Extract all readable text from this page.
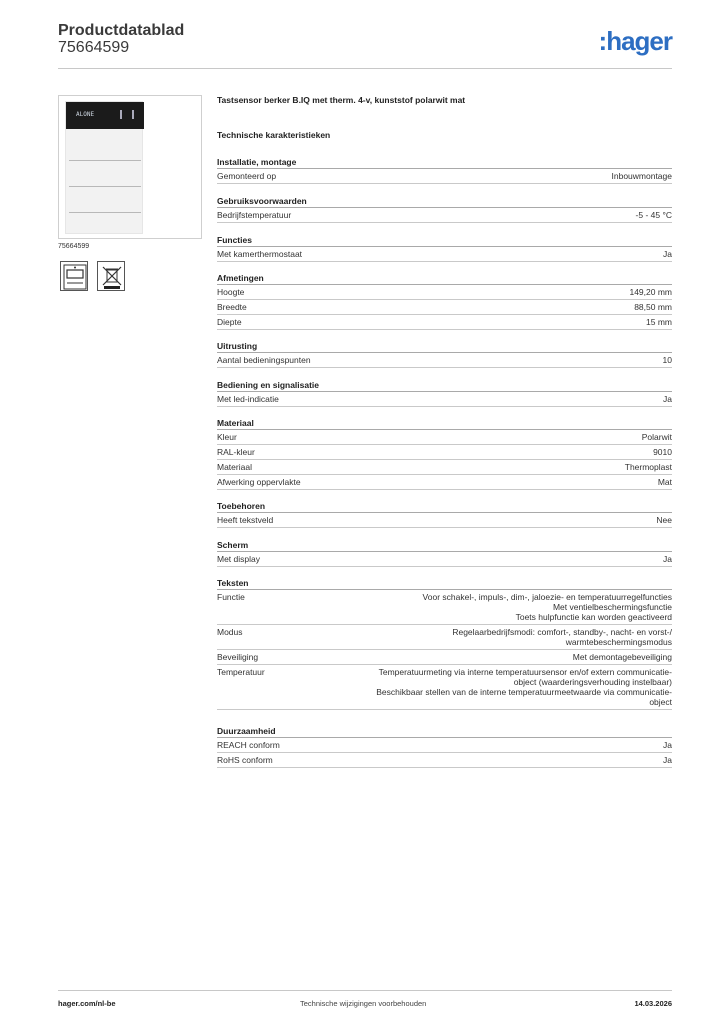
Productdatablad
75664599	:hager
ALONE
75664599
Tastsensor berker B.IQ met therm. 4-v, kunststof polarwit mat
Technische karakteristieken
Installatie, montage
Gemonteerd op	Inbouwmontage
Gebruiksvoorwaarden
Bedrijfstemperatuur	-5 - 45 °C
Functies
Met kamerthermostaat	Ja
Afmetingen
Hoogte	149,20 mm
Breedte	88,50 mm
Diepte	15 mm
Uitrusting
Aantal bedieningspunten	10
Bediening en signalisatie
Met led-indicatie	Ja
Materiaal
Kleur	Polarwit
RAL-kleur	9010
Materiaal	Thermoplast
Afwerking oppervlakte	Mat
Toebehoren
Heeft tekstveld	Nee
Scherm
Met display	Ja
Teksten
Functie	Voor schakel-, impuls-, dim-, jaloezie- en temperatuurregelfuncties
Met ventielbeschermingsfunctie
Toets hulpfunctie kan worden geactiveerd
Modus	Regelaarbedrijfsmodi: comfort-, standby-, nacht- en vorst-/
warmtebeschermingsmodus
Beveiliging	Met demontagebeveiliging
Temperatuur	Temperatuurmeting via interne temperatuursensor en/of extern communicatie-
object (waarderingsverhouding instelbaar)
Beschikbaar stellen van de interne temperatuurmeetwaarde via communicatie-
object
Duurzaamheid
REACH conform	Ja
RoHS conform	Ja
hager.com/nl-be	Technische wijzigingen voorbehouden	14.03.2026
